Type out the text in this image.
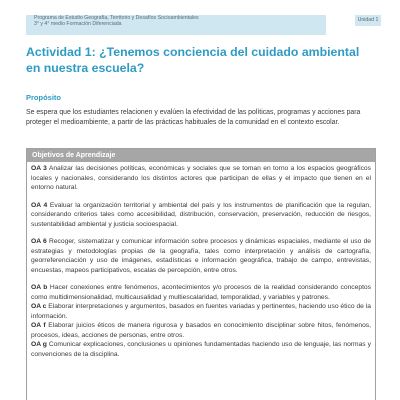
Programa de Estudio Geografía, Territorio y Desafíos Socioambientales
3° y 4° medio Formación Diferenciada
Unidad 1
Actividad 1: ¿Tenemos conciencia del cuidado ambiental en nuestra escuela?
Propósito
Se espera que los estudiantes relacionen y evalúen la efectividad de las políticas, programas y acciones para proteger el medioambiente, a partir de las prácticas habituales de la comunidad en el contexto escolar.
Objetivos de Aprendizaje

OA 3 Analizar las decisiones políticas, económicas y sociales que se toman en torno a los espacios geográficos locales y nacionales, considerando los distintos actores que participan de ellas y el impacto que tienen en el entorno natural.

OA 4 Evaluar la organización territorial y ambiental del país y los instrumentos de planificación que la regulan, considerando criterios tales como accesibilidad, distribución, conservación, preservación, reducción de riesgos, sustentabilidad ambiental y justicia socioespacial.

OA 6 Recoger, sistematizar y comunicar información sobre procesos y dinámicas espaciales, mediante el uso de estrategias y metodologías propias de la geografía, tales como interpretación y análisis de cartografía, georreferenciación y uso de imágenes, estadísticas e información geográfica, trabajo de campo, entrevistas, encuestas, mapeos participativos, escalas de percepción, entre otros.

OA b Hacer conexiones entre fenómenos, acontecimientos y/o procesos de la realidad considerando conceptos como multidimensionalidad, multicausalidad y multiescalaridad, temporalidad, y variables y patrones.

OA c Elaborar interpretaciones y argumentos, basados en fuentes variadas y pertinentes, haciendo uso ético de la información.

OA f Elaborar juicios éticos de manera rigurosa y basados en conocimiento disciplinar sobre hitos, fenómenos, procesos, ideas, acciones de personas, entre otros.

OA g Comunicar explicaciones, conclusiones u opiniones fundamentadas haciendo uso de lenguaje, las normas y convenciones de la disciplina.
